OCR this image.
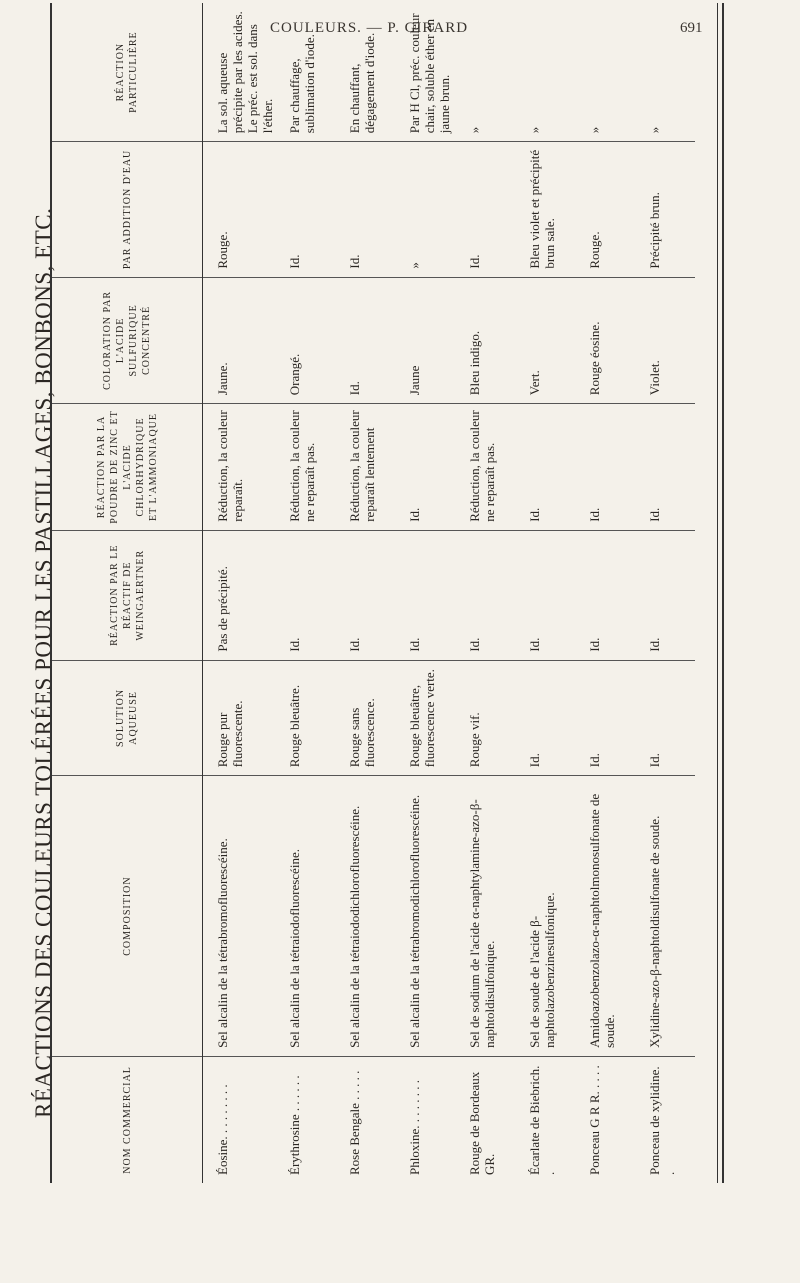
COULEURS. — P. GIRARD	691
RÉACTIONS DES COULEURS TOLÉRÉES POUR LES PASTILLAGES, BONBONS, ETC.
NOM COMMERCIAL	COMPOSITION	SOLUTION AQUEUSE	RÉACTION PAR LE RÉACTIF DE WEINGAERTNER	RÉACTION PAR LA POUDRE DE ZINC ET L'ACIDE CHLORHYDRIQUE ET L'AMMONIAQUE	COLORATION PAR L'ACIDE SULFURIQUE CONCENTRÉ	PAR ADDITION D'EAU	RÉACTION PARTICULIÈRE
Éosine. . . . . . . . .	Sel alcalin de la tétrabromofluorescéine.	Rouge pur fluorescente.	Pas de précipité.	Réduction, la couleur reparaît.	Jaune.	Rouge.	La sol. aqueuse précipite par les acides. Le préc. est sol. dans l'éther.
Érythrosine . . . . . .	Sel alcalin de la tétraiodofluorescéine.	Rouge bleuâtre.	Id.	Réduction, la couleur ne reparaît pas.	Orangé.	Id.	Par chauffage, sublimation d'iode.
Rose Bengale . . . . .	Sel alcalin de la tétraiododichlorofluorescéine.	Rouge sans fluorescence.	Id.	Réduction, la couleur reparaît lentement	Id.	Id.	En chauffant, dégagement d'iode.
Phloxine. . . . . . . .	Sel alcalin de la tétrabromodichlorofluorescéine.	Rouge bleuâtre, fluorescence verte.	Id.	Id.	Jaune	»	Par H Cl, préc. couleur chair, soluble éther en jaune brun.
Rouge de Bordeaux GR.	Sel de sodium de l'acide α-naphtylamine-azo-β-naphtoldisulfonique.	Rouge vif.	Id.	Réduction, la couleur ne reparaît pas.	Bleu indigo.	Id.	»
Écarlate de Biebrich. .	Sel de soude de l'acide β-naphtolazobenzinesulfonique.	Id.	Id.	Id.	Vert.	Bleu violet et précipité brun sale.	»
Ponceau G R R. . . . .	Amidoazobenzolazo-α-naphtolmonosulfonate de soude.	Id.	Id.	Id.	Rouge éosine.	Rouge.	»
Ponceau de xylidine. .	Xylidine-azo-β-naphtoldisulfonate de soude.	Id.	Id.	Id.	Violet.	Précipité brun.	»
